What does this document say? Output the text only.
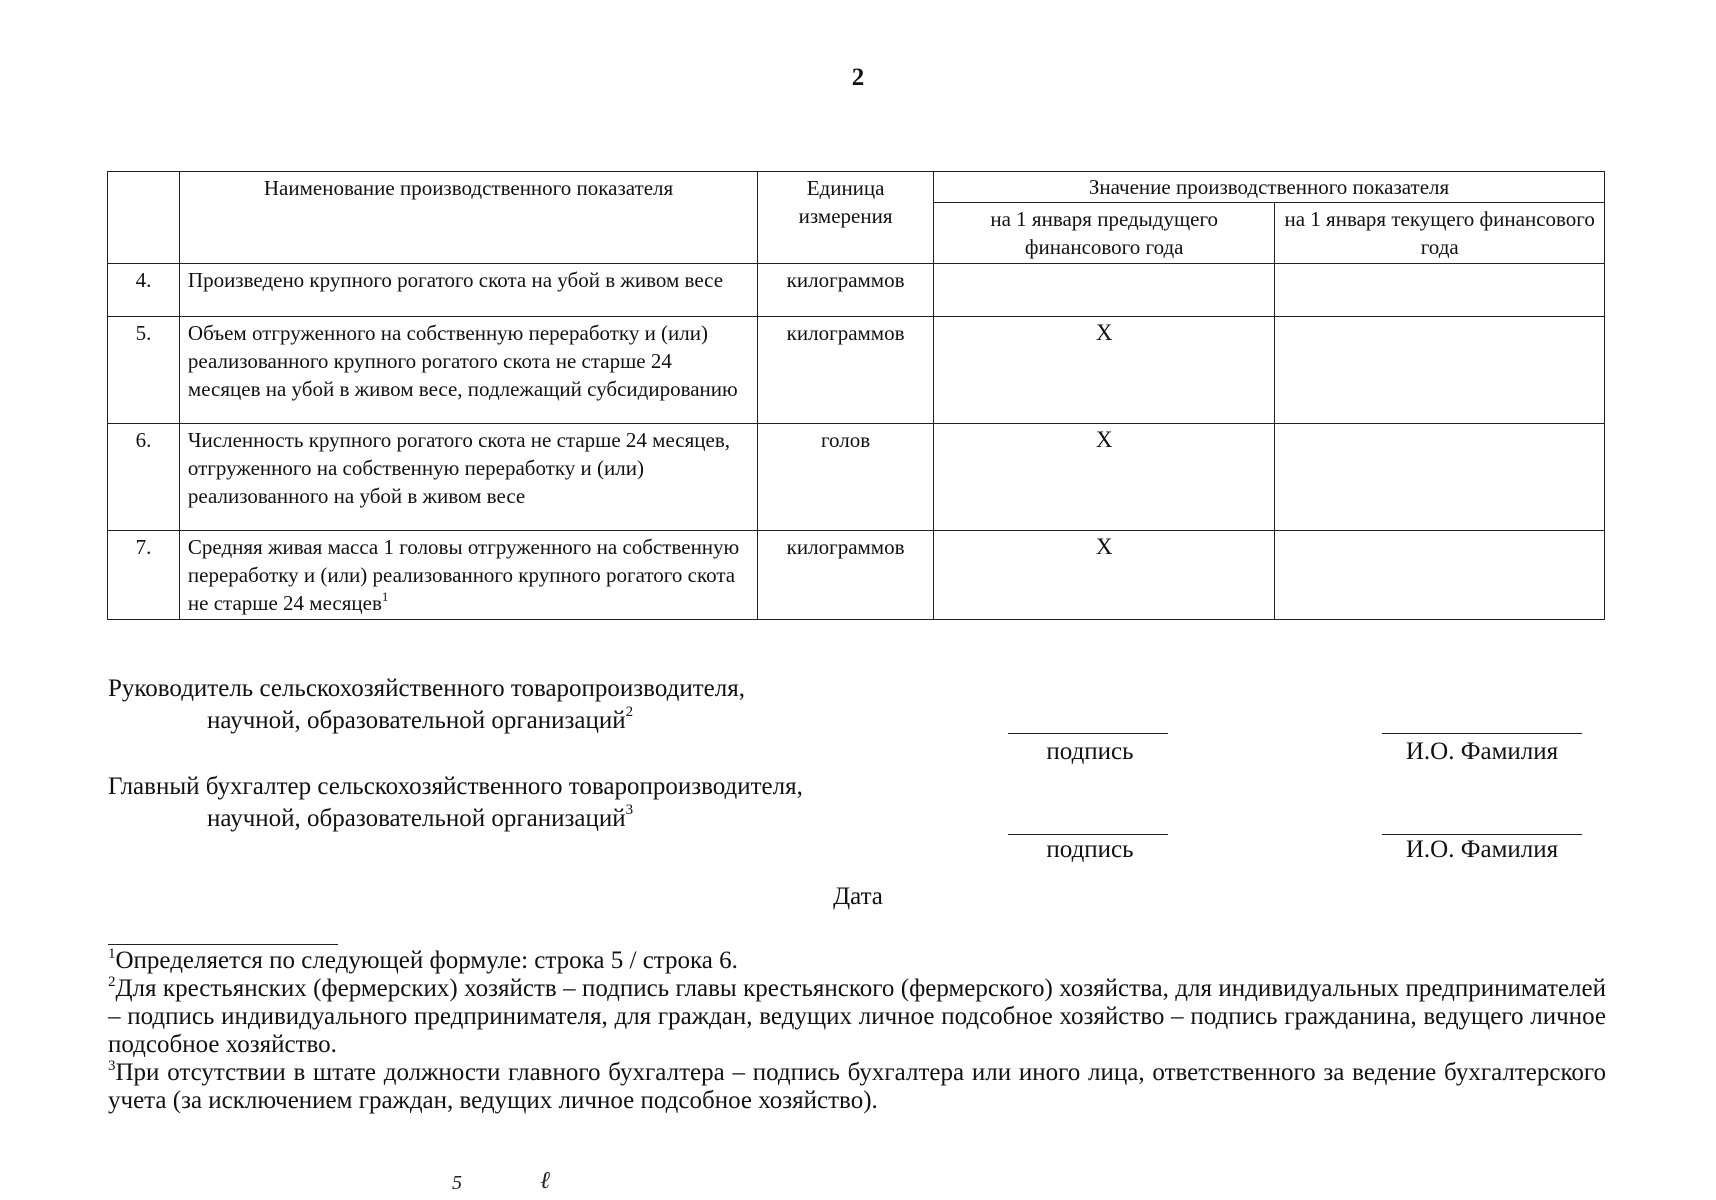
2
	Наименование производственного показателя	Единица измерения	Значение производственного показателя	
			на 1 января предыдущего финансового года	на 1 января текущего финансового года
4.	Произведено крупного рогатого скота на убой в живом весе	килограммов		
5.	Объем отгруженного на собственную переработку и (или) реализованного крупного рогатого скота не старше 24 месяцев на убой в живом весе, подлежащий субсидированию	килограммов	X	
6.	Численность крупного рогатого скота не старше 24 месяцев, отгруженного на собственную переработку и (или) реализованного на убой в живом весе	голов	X	
7.	Средняя живая масса 1 головы отгруженного на собственную переработку и (или) реализованного крупного рогатого скота не старше 24 месяцев$^1$	килограммов	X	
Руководитель сельскохозяйственного товаропроизводителя,
научной, образовательной организаций$^2$
подпись	И.О. Фамилия
Главный бухгалтер сельскохозяйственного товаропроизводителя,
научной, образовательной организаций$^3$
подпись	И.О. Фамилия
Дата

$^1$Определяется по следующей формуле: строка 5 / строка 6.

$^2$Для крестьянских (фермерских) хозяйств – подпись главы крестьянского (фермерского) хозяйства, для индивидуальных предпринимателей – подпись индивидуального предпринимателя, для граждан, ведущих личное подсобное хозяйство – подпись гражданина, ведущего личное подсобное хозяйство.

$^3$При отсутствии в штате должности главного бухгалтера – подпись бухгалтера или иного лица, ответственного за ведение бухгалтерского учета (за исключением граждан, ведущих личное подсобное хозяйство).

5	ℓ
